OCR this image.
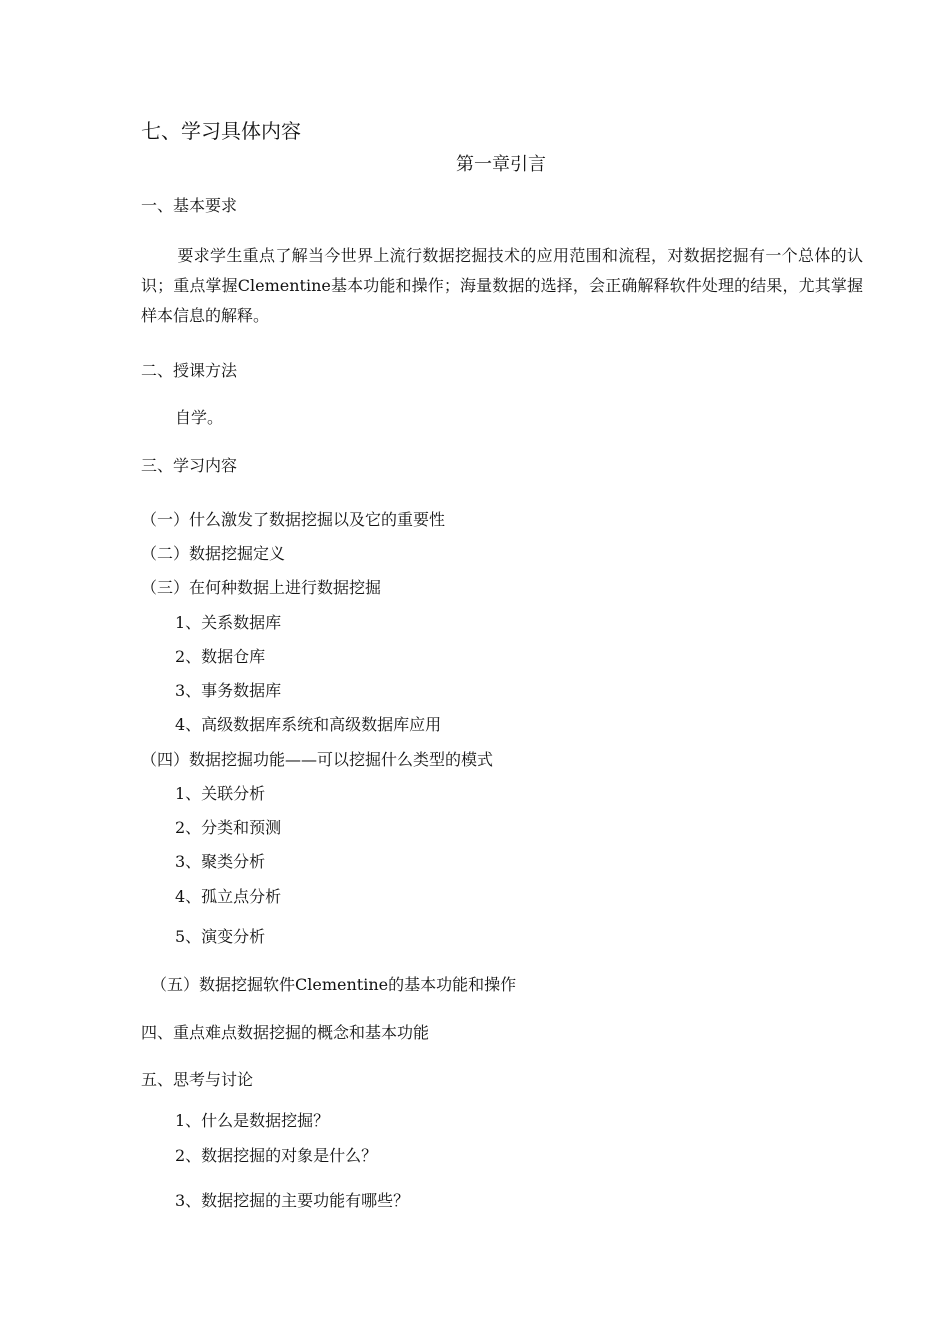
七、学习具体内容
第一章引言
一、基本要求
要求学生重点了解当今世界上流行数据挖掘技术的应用范围和流程，对数据挖掘有一个总体的认识；重点掌握Clementine基本功能和操作；海量数据的选择，会正确解释软件处理的结果，尤其掌握样本信息的解释。
二、授课方法
自学。
三、学习内容
（一）什么激发了数据挖掘以及它的重要性
（二）数据挖掘定义
（三）在何种数据上进行数据挖掘
1、关系数据库
2、数据仓库
3、事务数据库
4、高级数据库系统和高级数据库应用
（四）数据挖掘功能——可以挖掘什么类型的模式
1、关联分析
2、分类和预测
3、聚类分析
4、孤立点分析
5、演变分析
（五）数据挖掘软件Clementine的基本功能和操作
四、重点难点数据挖掘的概念和基本功能
五、思考与讨论
1、什么是数据挖掘？
2、数据挖掘的对象是什么？
3、数据挖掘的主要功能有哪些？
